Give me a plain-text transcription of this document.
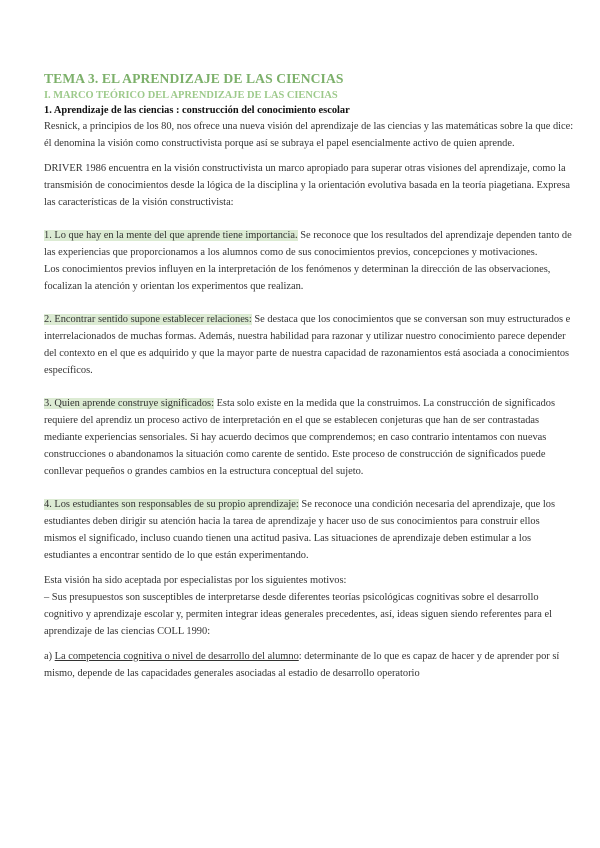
TEMA 3. EL APRENDIZAJE DE LAS CIENCIAS
I. MARCO TEÓRICO DEL APRENDIZAJE DE LAS CIENCIAS
1. Aprendizaje de las ciencias : construcción del conocimiento escolar

Resnick, a principios de los 80, nos ofrece una nueva visión del aprendizaje de las ciencias y las matemáticas sobre la que dice: él denomina la visión como constructivista porque así se subraya el papel esencialmente activo de quien aprende.

DRIVER 1986 encuentra en la visión constructivista un marco apropiado para superar otras visiones del aprendizaje, como la transmisión de conocimientos desde la lógica de la disciplina y la orientación evolutiva basada en la teoría piagetiana. Expresa las características de la visión constructivista:

1. Lo que hay en la mente del que aprende tiene importancia. Se reconoce que los resultados del aprendizaje dependen tanto de las experiencias que proporcionamos a los alumnos como de sus conocimientos previos, concepciones y motivaciones.

Los conocimientos previos influyen en la interpretación de los fenómenos y determinan la dirección de las observaciones, focalizan la atención y orientan los experimentos que realizan.

2. Encontrar sentido supone establecer relaciones: Se destaca que los conocimientos que se conversan son muy estructurados e interrelacionados de muchas formas. Además, nuestra habilidad para razonar y utilizar nuestro conocimiento parece depender del contexto en el que es adquirido y que la mayor parte de nuestra capacidad de razonamientos está asociada a conocimientos específicos.

3. Quien aprende construye significados: Esta solo existe en la medida que la construimos. La construcción de significados requiere del aprendiz un proceso activo de interpretación en el que se establecen conjeturas que han de ser contrastadas mediante experiencias sensoriales. Si hay acuerdo decimos que comprendemos; en caso contrario intentamos con nuevas construcciones o abandonamos la situación como carente de sentido. Este proceso de construcción de significados puede conllevar pequeños o grandes cambios en la estructura conceptual del sujeto.

4. Los estudiantes son responsables de su propio aprendizaje: Se reconoce una condición necesaria del aprendizaje, que los estudiantes deben dirigir su atención hacia la tarea de aprendizaje y hacer uso de sus conocimientos para construir ellos mismos el significado, incluso cuando tienen una actitud pasiva. Las situaciones de aprendizaje deben estimular a los estudiantes a encontrar sentido de lo que están experimentando.

Esta visión ha sido aceptada por especialistas por los siguientes motivos:

– Sus presupuestos son susceptibles de interpretarse desde diferentes teorías psicológicas cognitivas sobre el desarrollo cognitivo y aprendizaje escolar y, permiten integrar ideas generales precedentes, así, ideas siguen siendo referentes para el aprendizaje de las ciencias COLL 1990:

a) La competencia cognitiva o nivel de desarrollo del alumno: determinante de lo que es capaz de hacer y de aprender por sí mismo, depende de las capacidades generales asociadas al estadio de desarrollo operatorio
